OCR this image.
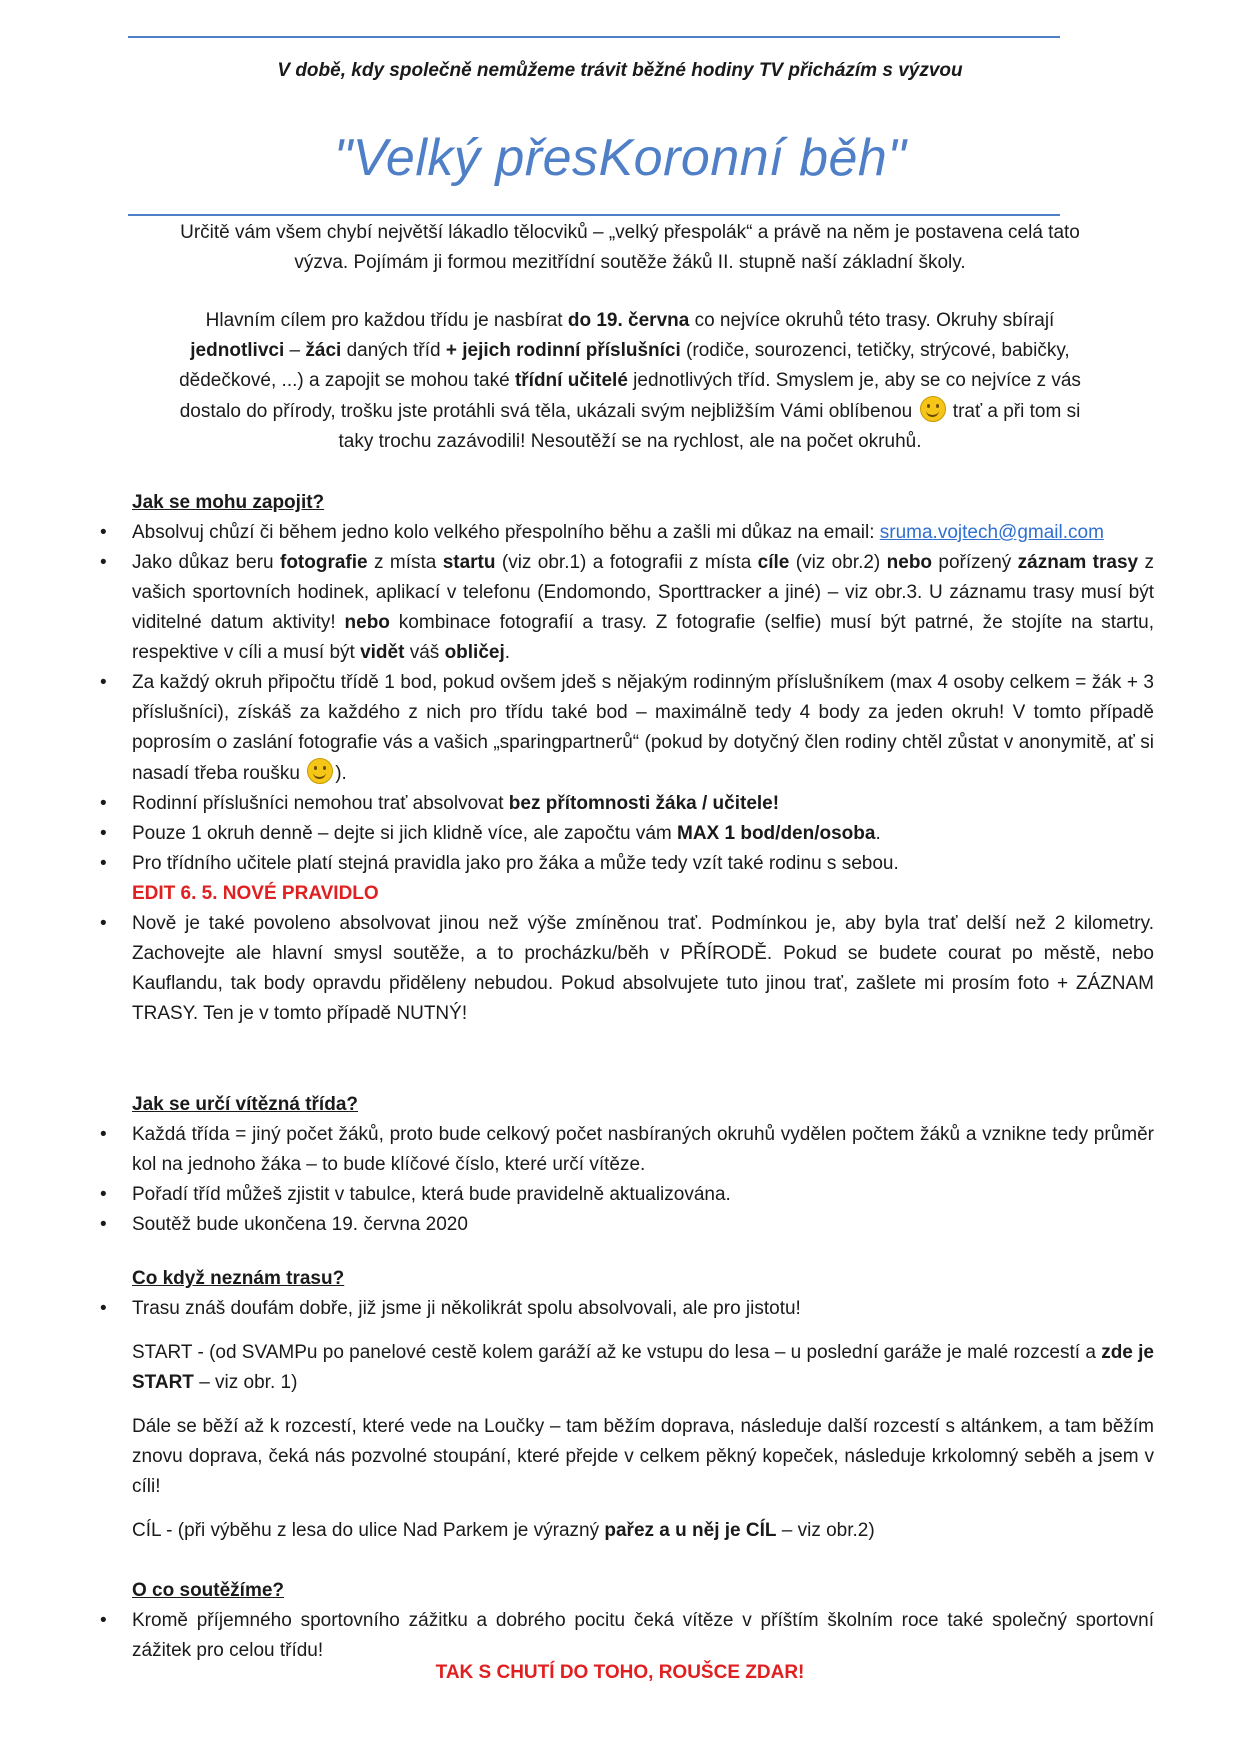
V době, kdy společně nemůžeme trávit běžné hodiny TV přicházím s výzvou
"Velký přesKoronní běh"
Určitě vám všem chybí největší lákadlo tělocviků – „velký přespolák“ a právě na něm je postavena celá tato
výzva. Pojímám ji formou mezitřídní soutěže žáků II. stupně naší základní školy.
Hlavním cílem pro každou třídu je nasbírat do 19. června co nejvíce okruhů této trasy. Okruhy sbírají
jednotlivci – žáci daných tříd + jejich rodinní příslušníci (rodiče, sourozenci, tetičky, strýcové, babičky,
dědečkové, ...) a zapojit se mohou také třídní učitelé jednotlivých tříd. Smyslem je, aby se co nejvíce z vás
dostalo do přírody, trošku jste protáhli svá těla, ukázali svým nejbližším Vámi oblíbenou  trať a při tom si
taky trochu zazávodili! Nesoutěží se na rychlost, ale na počet okruhů.

Jak se mohu zapojit?

• Absolvuj chůzí či během jedno kolo velkého přespolního běhu a zašli mi důkaz na email: sruma.vojtech@gmail.com

• Jako důkaz beru fotografie z místa startu (viz obr.1) a fotografii z místa cíle (viz obr.2) nebo pořízený záznam trasy z vašich sportovních hodinek, aplikací v telefonu (Endomondo, Sporttracker a jiné) – viz obr.3. U záznamu trasy musí být viditelné datum aktivity! nebo kombinace fotografií a trasy. Z fotografie (selfie) musí být patrné, že stojíte na startu, respektive v cíli a musí být vidět váš obličej.

• Za každý okruh připočtu třídě 1 bod, pokud ovšem jdeš s nějakým rodinným příslušníkem (max 4 osoby celkem = žák + 3 příslušníci), získáš za každého z nich pro třídu také bod – maximálně tedy 4 body za jeden okruh! V tomto případě poprosím o zaslání fotografie vás a vašich „sparingpartnerů“ (pokud by dotyčný člen rodiny chtěl zůstat v anonymitě, ať si nasadí třeba roušku ).

• Rodinní příslušníci nemohou trať absolvovat bez přítomnosti žáka / učitele!

• Pouze 1 okruh denně – dejte si jich klidně více, ale započtu vám MAX 1 bod/den/osoba.

• Pro třídního učitele platí stejná pravidla jako pro žáka a může tedy vzít také rodinu s sebou.

EDIT 6. 5. NOVÉ PRAVIDLO

• Nově je také povoleno absolvovat jinou než výše zmíněnou trať. Podmínkou je, aby byla trať delší než 2 kilometry. Zachovejte ale hlavní smysl soutěže, a to procházku/běh v PŘÍRODĚ. Pokud se budete courat po městě, nebo Kauflandu, tak body opravdu přiděleny nebudou. Pokud absolvujete tuto jinou trať, zašlete mi prosím foto + ZÁZNAM TRASY. Ten je v tomto případě NUTNÝ!

Jak se určí vítězná třída?

• Každá třída = jiný počet žáků, proto bude celkový počet nasbíraných okruhů vydělen počtem žáků a vznikne tedy průměr kol na jednoho žáka – to bude klíčové číslo, které určí vítěze.

• Pořadí tříd můžeš zjistit v tabulce, která bude pravidelně aktualizována.

• Soutěž bude ukončena 19. června 2020

Co když neznám trasu?

• Trasu znáš doufám dobře, již jsme ji několikrát spolu absolvovali, ale pro jistotu!

START - (od SVAMPu po panelové cestě kolem garáží až ke vstupu do lesa – u poslední garáže je malé rozcestí a zde je START – viz obr. 1)

Dále se běží až k rozcestí, které vede na Loučky – tam běžím doprava, následuje další rozcestí s altánkem, a tam běžím znovu doprava, čeká nás pozvolné stoupání, které přejde v celkem pěkný kopeček, následuje krkolomný seběh a jsem v cíli!

CÍL - (při výběhu z lesa do ulice Nad Parkem je výrazný pařez a u něj je CÍL – viz obr.2)

O co soutěžíme?

• Kromě příjemného sportovního zážitku a dobrého pocitu čeká vítěze v příštím školním roce také společný sportovní zážitek pro celou třídu!

TAK S CHUTÍ DO TOHO, ROUŠCE ZDAR!
